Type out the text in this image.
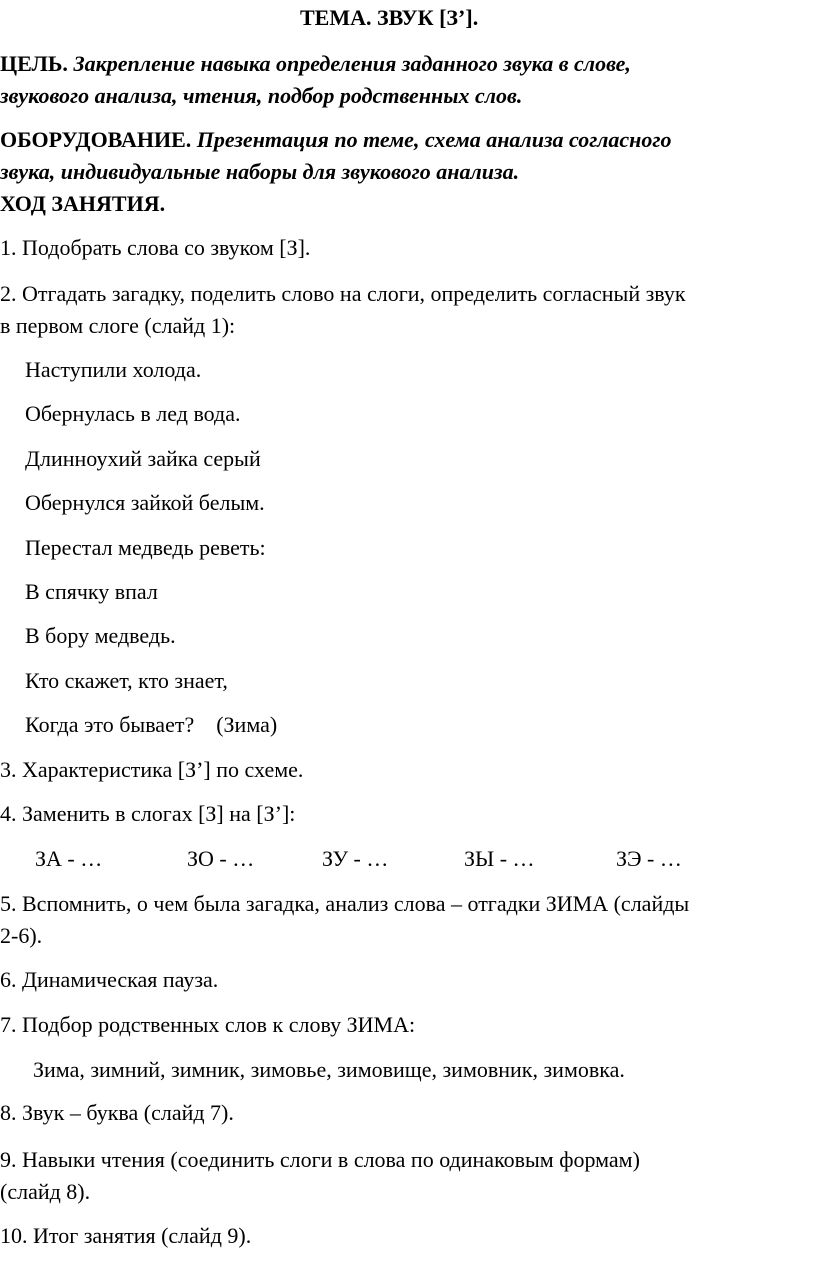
ТЕМА. ЗВУК [З’].
ЦЕЛЬ. Закрепление навыка определения заданного звука в слове,
звукового анализа, чтения, подбор родственных слов.
ОБОРУДОВАНИЕ. Презентация по теме, схема анализа согласного
звука, индивидуальные наборы для звукового анализа.
ХОД ЗАНЯТИЯ.
1. Подобрать слова со звуком [З].
2. Отгадать загадку, поделить слово на слоги, определить согласный звук
в первом слоге (слайд 1):
Наступили холода.
Обернулась в лед вода.
Длинноухий зайка серый
Обернулся зайкой белым.
Перестал медведь реветь:
В спячку впал
В бору медведь.
Кто скажет, кто знает,
Когда это бывает?    (Зима)
3. Характеристика [З’] по схеме.
4. Заменить в слогах [З] на [З’]:
ЗА - …	ЗО - …	ЗУ - …	ЗЫ - …	ЗЭ - …
5. Вспомнить, о чем была загадка, анализ слова – отгадки ЗИМА (слайды
2-6).
6. Динамическая пауза.
7. Подбор родственных слов к слову ЗИМА:
Зима, зимний, зимник, зимовье, зимовище, зимовник, зимовка.
8. Звук – буква (слайд 7).
9. Навыки чтения (соединить слоги в слова по одинаковым формам)
(слайд 8).
10. Итог занятия (слайд 9).
